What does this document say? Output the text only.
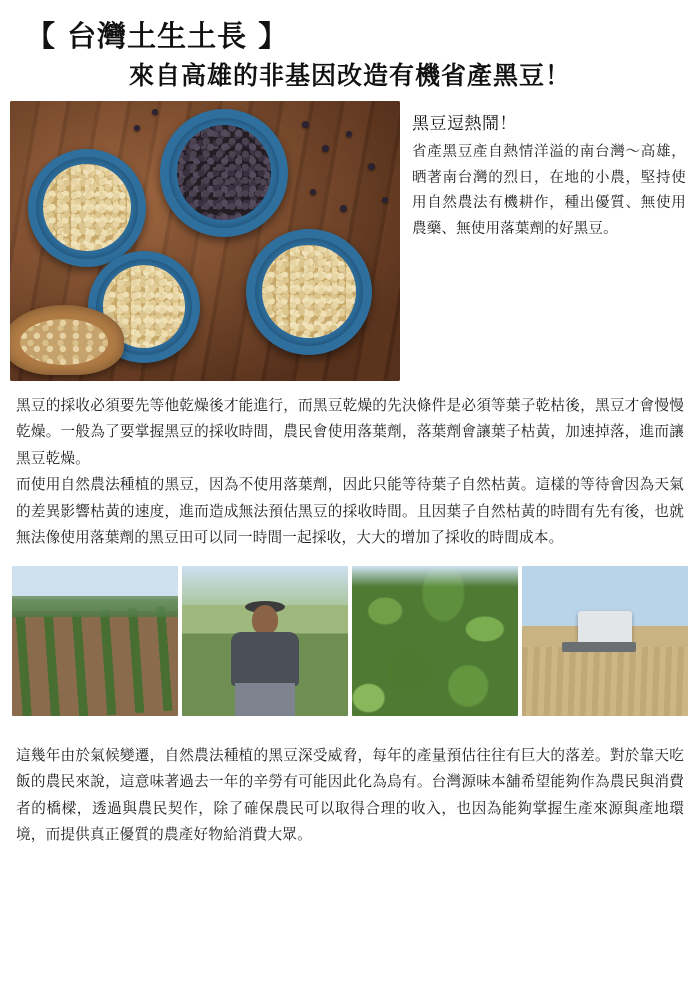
【 台灣土生土長 】
來自高雄的非基因改造有機省產黑豆！
黑豆逗熱鬧！
省產黑豆產自熱情洋溢的南台灣～高雄，晒著南台灣的烈日，在地的小農，堅持使用自然農法有機耕作，種出優質、無使用農藥、無使用落葉劑的好黑豆。

黑豆的採收必須要先等他乾燥後才能進行，而黑豆乾燥的先決條件是必須等葉子乾枯後，黑豆才會慢慢乾燥。一般為了要掌握黑豆的採收時間，農民會使用落葉劑，落葉劑會讓葉子枯黃，加速掉落，進而讓黑豆乾燥。

而使用自然農法種植的黑豆，因為不使用落葉劑，因此只能等待葉子自然枯黃。這樣的等待會因為天氣的差異影響枯黃的速度，進而造成無法預估黑豆的採收時間。且因葉子自然枯黃的時間有先有後，也就無法像使用落葉劑的黑豆田可以同一時間一起採收，大大的增加了採收的時間成本。

這幾年由於氣候變遷，自然農法種植的黑豆深受威脅，每年的產量預估往往有巨大的落差。對於靠天吃飯的農民來說，這意味著過去一年的辛勞有可能因此化為烏有。台灣源味本舖希望能夠作為農民與消費者的橋樑，透過與農民契作，除了確保農民可以取得合理的收入，也因為能夠掌握生產來源與產地環境，而提供真正優質的農產好物給消費大眾。
